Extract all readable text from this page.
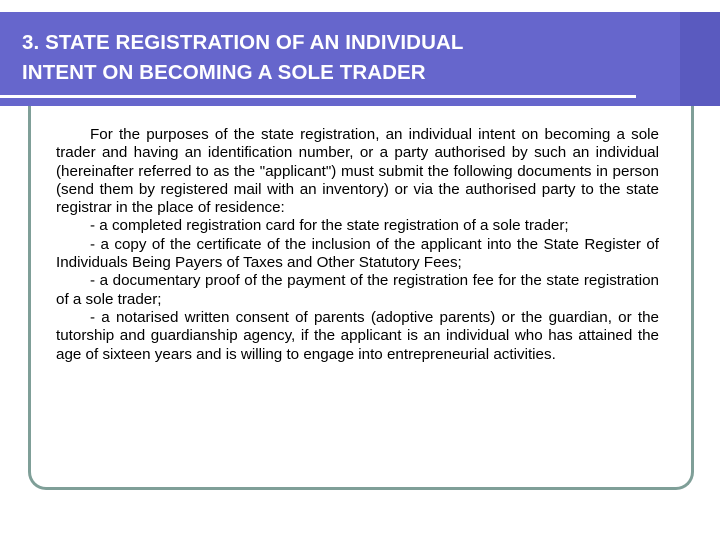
3. STATE REGISTRATION OF AN INDIVIDUAL
INTENT ON BECOMING A SOLE TRADER

For the purposes of the state registration, an individual intent on becoming a sole trader and having an identification number, or a party authorised by such an individual (hereinafter referred to as the "applicant") must submit the following documents in person (send them by registered mail with an inventory) or via the authorised party to the state registrar in the place of residence:

- a completed registration card for the state registration of a sole trader;

- a copy of the certificate of the inclusion of the applicant into the State Register of Individuals Being Payers of Taxes and Other Statutory Fees;

- a documentary proof of the payment of the registration fee for the state registration of a sole trader;

- a notarised written consent of parents (adoptive parents) or the guardian, or the tutorship and guardianship agency, if the applicant is an individual who has attained the age of sixteen years and is willing to engage into entrepreneurial activities.
